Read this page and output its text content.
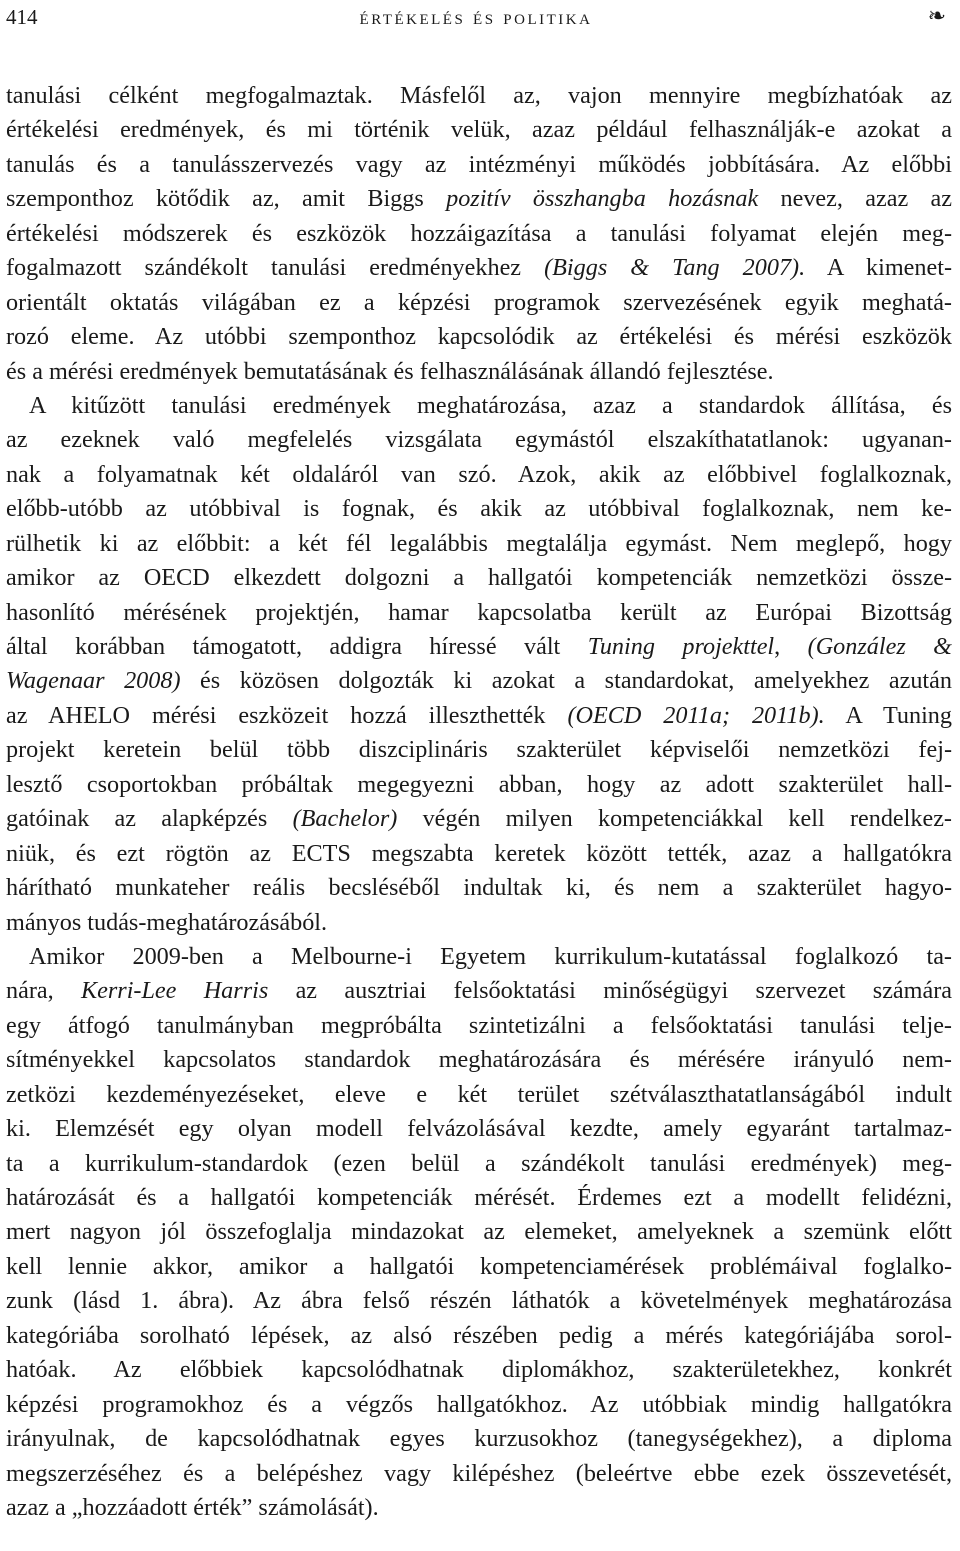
414	értékelés és politika	❧
tanulási célként megfogalmaztak. Másfelől az, vajon mennyire megbízhatóak az
értékelési eredmények, és mi történik velük, azaz például felhasználják-e azokat a
tanulás és a tanulásszervezés vagy az intézményi működés jobbítására. Az előbbi
szemponthoz kötődik az, amit Biggs pozitív összhangba hozásnak nevez, azaz az
értékelési módszerek és eszközök hozzáigazítása a tanulási folyamat elején meg-
fogalmazott szándékolt tanulási eredményekhez (Biggs & Tang 2007). A kimenet-
orientált oktatás világában ez a képzési programok szervezésének egyik meghatá-
rozó eleme. Az utóbbi szemponthoz kapcsolódik az értékelési és mérési eszközök
és a mérési eredmények bemutatásának és felhasználásának állandó fejlesztése.
A kitűzött tanulási eredmények meghatározása, azaz a standardok állítása, és
az ezeknek való megfelelés vizsgálata egymástól elszakíthatatlanok: ugyanan-
nak a folyamatnak két oldaláról van szó. Azok, akik az előbbivel foglalkoznak,
előbb-utóbb az utóbbival is fognak, és akik az utóbbival foglalkoznak, nem ke-
rülhetik ki az előbbit: a két fél legalábbis megtalálja egymást. Nem meglepő, hogy
amikor az OECD elkezdett dolgozni a hallgatói kompetenciák nemzetközi össze-
hasonlító mérésének projektjén, hamar kapcsolatba került az Európai Bizottság
által korábban támogatott, addigra híressé vált Tuning projekttel, (González &
Wagenaar 2008) és közösen dolgozták ki azokat a standardokat, amelyekhez azután
az AHELO mérési eszközeit hozzá illeszthették (OECD 2011a; 2011b). A Tuning
projekt keretein belül több diszciplináris szakterület képviselői nemzetközi fej-
lesztő csoportokban próbáltak megegyezni abban, hogy az adott szakterület hall-
gatóinak az alapképzés (Bachelor) végén milyen kompetenciákkal kell rendelkez-
niük, és ezt rögtön az ECTS megszabta keretek között tették, azaz a hallgatókra
hárítható munkateher reális becsléséből indultak ki, és nem a szakterület hagyo-
mányos tudás-meghatározásából.
Amikor 2009-ben a Melbourne-i Egyetem kurrikulum-kutatással foglalkozó ta-
nára, Kerri-Lee Harris az ausztriai felsőoktatási minőségügyi szervezet számára
egy átfogó tanulmányban megpróbálta szintetizálni a felsőoktatási tanulási telje-
sítményekkel kapcsolatos standardok meghatározására és mérésére irányuló nem-
zetközi kezdeményezéseket, eleve e két terület szétválaszthatatlanságából indult
ki. Elemzését egy olyan modell felvázolásával kezdte, amely egyaránt tartalmaz-
ta a kurrikulum-standardok (ezen belül a szándékolt tanulási eredmények) meg-
határozását és a hallgatói kompetenciák mérését. Érdemes ezt a modellt felidézni,
mert nagyon jól összefoglalja mindazokat az elemeket, amelyeknek a szemünk előtt
kell lennie akkor, amikor a hallgatói kompetenciamérések problémáival foglalko-
zunk (lásd 1. ábra). Az ábra felső részén láthatók a követelmények meghatározása
kategóriába sorolható lépések, az alsó részében pedig a mérés kategóriájába sorol-
hatóak. Az előbbiek kapcsolódhatnak diplomákhoz, szakterületekhez, konkrét
képzési programokhoz és a végzős hallgatókhoz. Az utóbbiak mindig hallgatókra
irányulnak, de kapcsolódhatnak egyes kurzusokhoz (tanegységekhez), a diploma
megszerzéséhez és a belépéshez vagy kilépéshez (beleértve ebbe ezek összevetését,
azaz a „hozzáadott érték” számolását).
